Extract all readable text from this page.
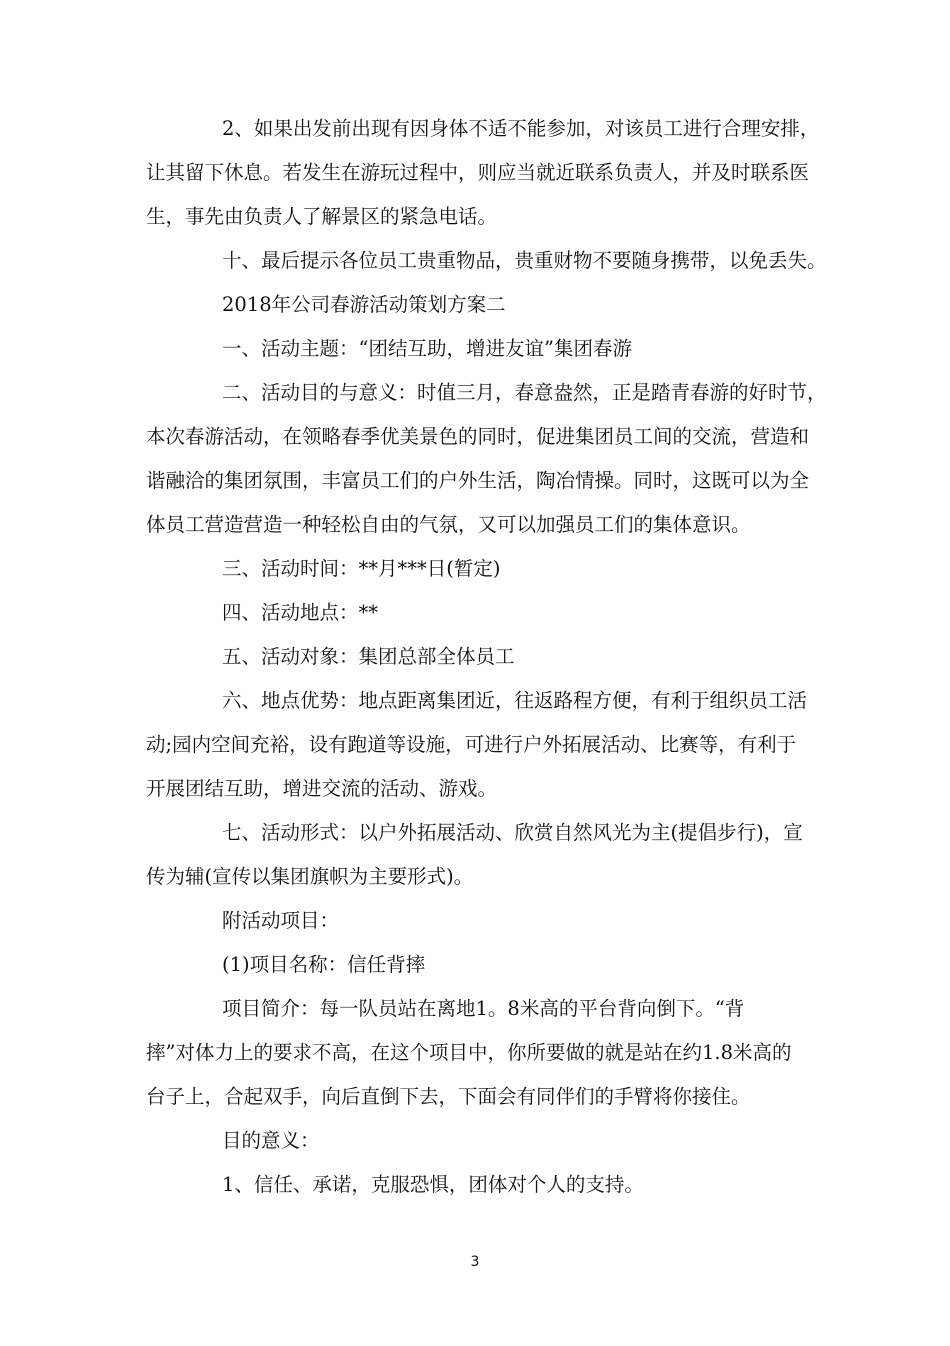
2、如果出发前出现有因身体不适不能参加，对该员工进行合理安排，
让其留下休息。若发生在游玩过程中，则应当就近联系负责人，并及时联系医
生，事先由负责人了解景区的紧急电话。
十、最后提示各位员工贵重物品，贵重财物不要随身携带，以免丢失。
2018年公司春游活动策划方案二
一、活动主题：“团结互助，增进友谊”集团春游
二、活动目的与意义：时值三月，春意盎然，正是踏青春游的好时节，
本次春游活动，在领略春季优美景色的同时，促进集团员工间的交流，营造和
谐融洽的集团氛围，丰富员工们的户外生活，陶冶情操。同时，这既可以为全
体员工营造营造一种轻松自由的气氛，又可以加强员工们的集体意识。
三、活动时间：**月***日(暂定)
四、活动地点：**
五、活动对象：集团总部全体员工
六、地点优势：地点距离集团近，往返路程方便，有利于组织员工活
动;园内空间充裕，设有跑道等设施，可进行户外拓展活动、比赛等，有利于
开展团结互助，增进交流的活动、游戏。
七、活动形式：以户外拓展活动、欣赏自然风光为主(提倡步行)，宣
传为辅(宣传以集团旗帜为主要形式)。
附活动项目：
(1)项目名称：信任背摔
项目简介：每一队员站在离地1。8米高的平台背向倒下。“背
摔”对体力上的要求不高，在这个项目中，你所要做的就是站在约1.8米高的
台子上，合起双手，向后直倒下去，下面会有同伴们的手臂将你接住。
目的意义：
1、信任、承诺，克服恐惧，团体对个人的支持。
3
